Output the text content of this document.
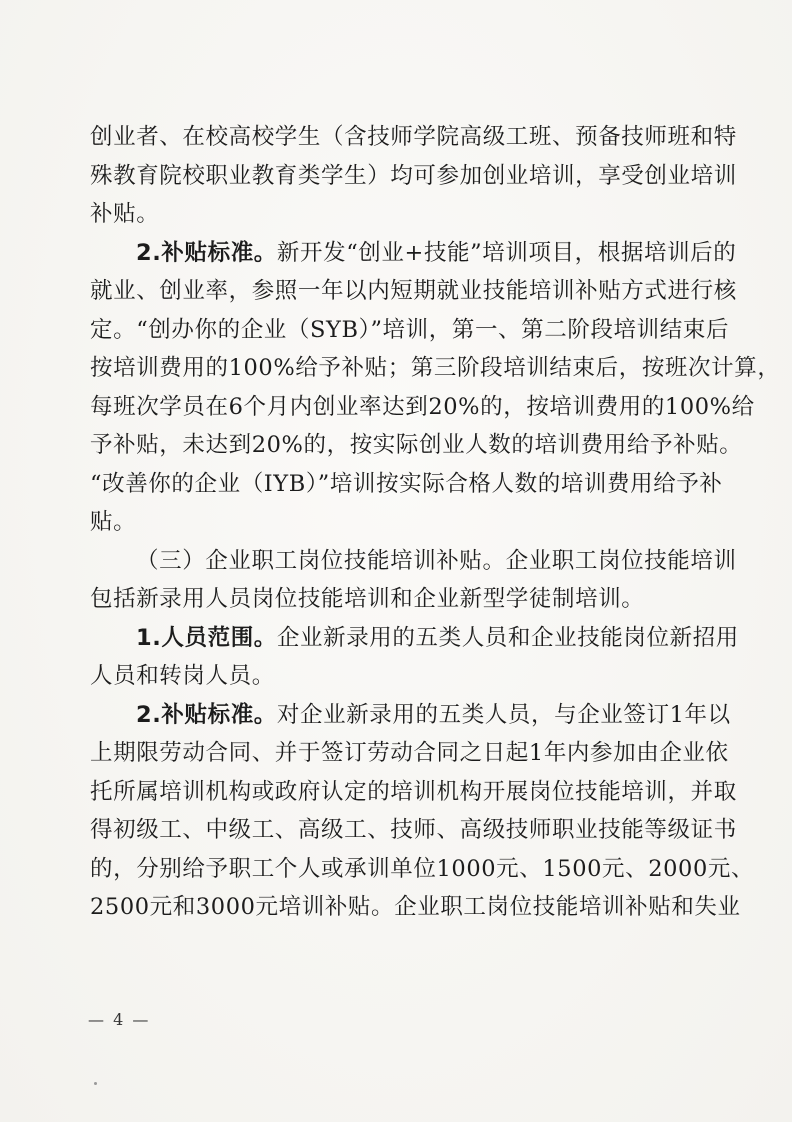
创业者、在校高校学生（含技师学院高级工班、预备技师班和特
殊教育院校职业教育类学生）均可参加创业培训，享受创业培训
补贴。
2.补贴标准。新开发“创业+技能”培训项目，根据培训后的
就业、创业率，参照一年以内短期就业技能培训补贴方式进行核
定。“创办你的企业（SYB）”培训，第一、第二阶段培训结束后
按培训费用的100%给予补贴；第三阶段培训结束后，按班次计算，
每班次学员在6个月内创业率达到20%的，按培训费用的100%给
予补贴，未达到20%的，按实际创业人数的培训费用给予补贴。
“改善你的企业（IYB）”培训按实际合格人数的培训费用给予补
贴。
（三）企业职工岗位技能培训补贴。企业职工岗位技能培训
包括新录用人员岗位技能培训和企业新型学徒制培训。
1.人员范围。企业新录用的五类人员和企业技能岗位新招用
人员和转岗人员。
2.补贴标准。对企业新录用的五类人员，与企业签订1年以
上期限劳动合同、并于签订劳动合同之日起1年内参加由企业依
托所属培训机构或政府认定的培训机构开展岗位技能培训，并取
得初级工、中级工、高级工、技师、高级技师职业技能等级证书
的，分别给予职工个人或承训单位1000元、1500元、2000元、
2500元和3000元培训补贴。企业职工岗位技能培训补贴和失业
— 4 —
